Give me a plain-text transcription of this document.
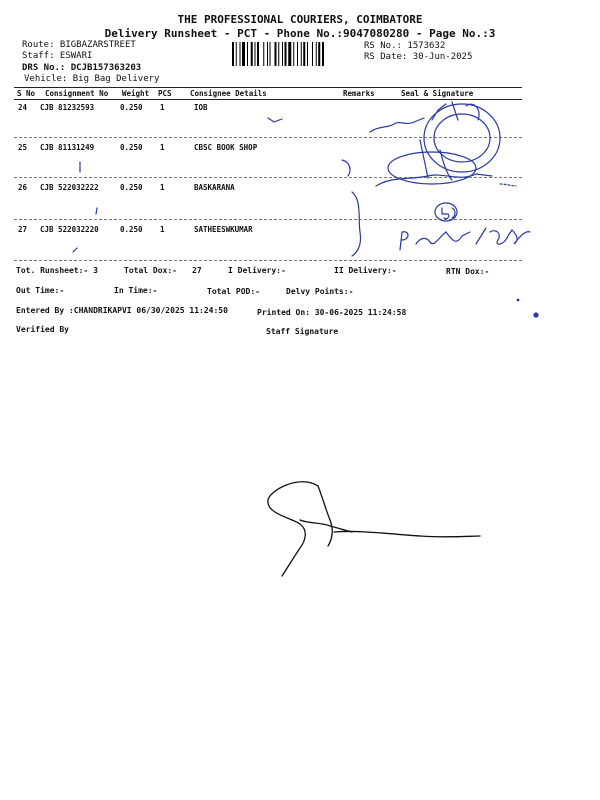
THE PROFESSIONAL COURIERS, COIMBATORE
Delivery Runsheet - PCT - Phone No.:9047080280 - Page No.:3
Route: BIGBAZARSTREET
Staff: ESWARI
DRS No.: DCJB157363203
Vehicle: Big Bag Delivery
RS No.: 1573632
RS Date: 30-Jun-2025
S No Consignment No Weight PCS Consignee Details	Remarks	Seal & Signature
24 CJB 81232593	0.250 1	IOB
25 CJB 81131249	0.250 1	CBSC BOOK SHOP
26 CJB 522032222	0.250 1	BASKARANA
27 CJB 522032220	0.250 1	SATHEESWKUMAR
Tot. Runsheet:- 3	Total Dox:- 27	I Delivery:-	II Delivery:-	RTN Dox:-
Out Time:-	In Time:-	Total POD:-	Delvy Points:-
Entered By :CHANDRIKAPVI 06/30/2025 11:24:50	Printed On: 30-06-2025 11:24:58
Verified By	Staff Signature
